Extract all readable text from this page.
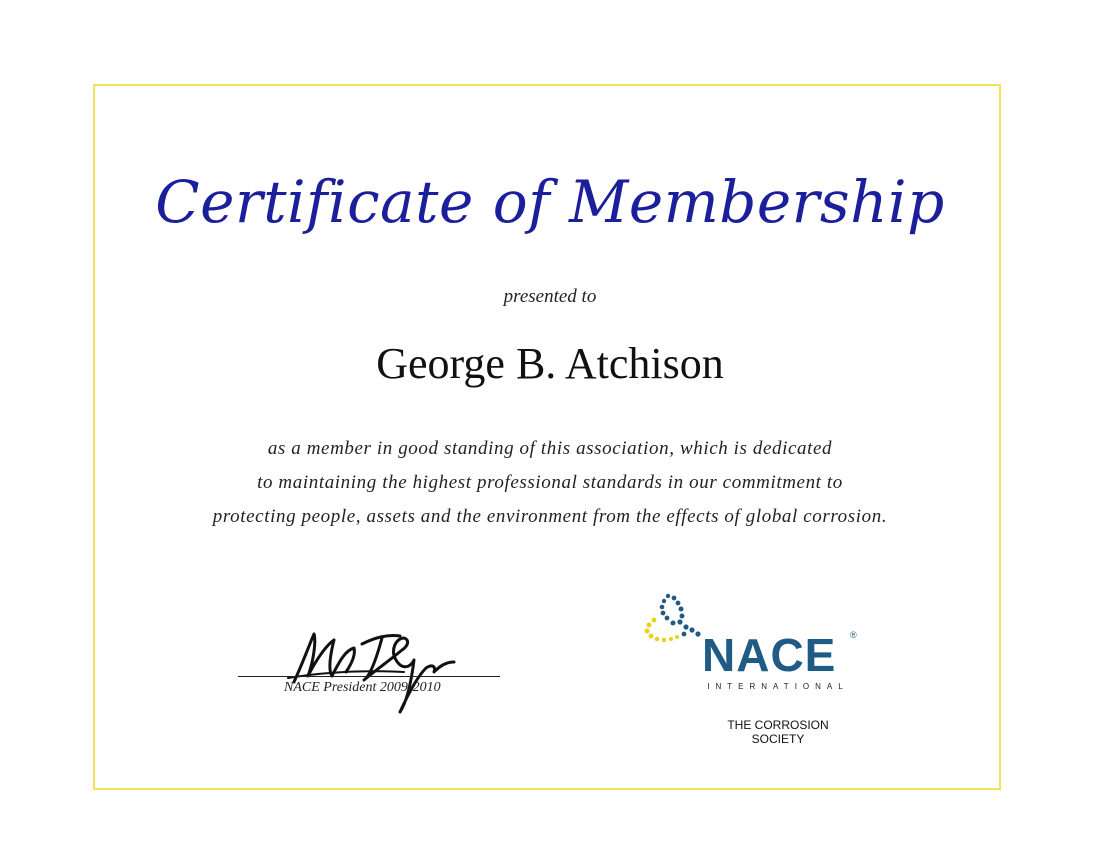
Certificate of Membership
presented to
George B. Atchison
as a member in good standing of this association, which is dedicated
to maintaining the highest professional standards in our commitment to
protecting people, assets and the environment from the effects of global corrosion.
NACE President 2009-2010
NACE ®
INTERNATIONAL
THE CORROSION SOCIETY
